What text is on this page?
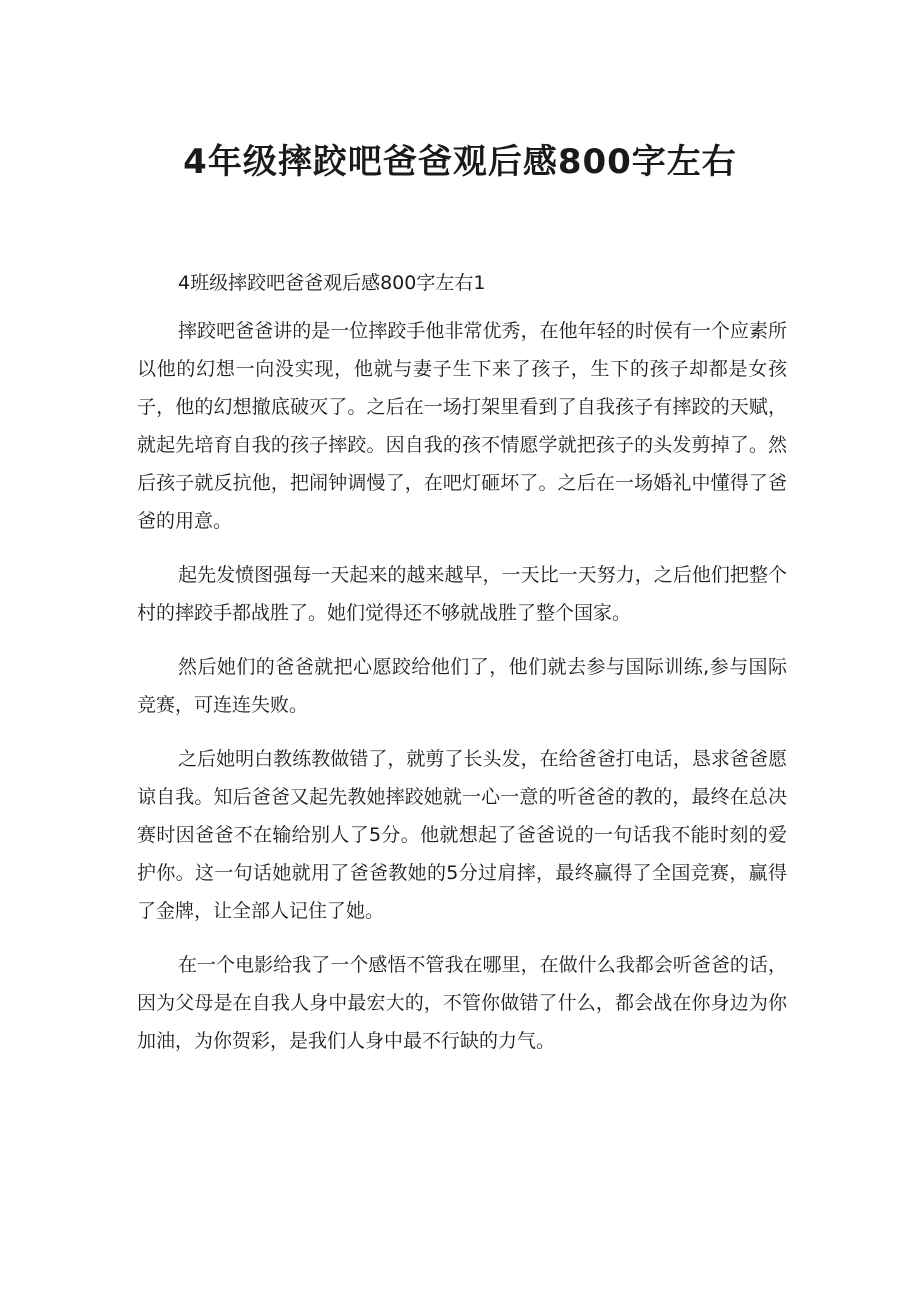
4年级摔跤吧爸爸观后感800字左右
4班级摔跤吧爸爸观后感800字左右1

摔跤吧爸爸讲的是一位摔跤手他非常优秀，在他年轻的时侯有一个应素所以他的幻想一向没实现，他就与妻子生下来了孩子，生下的孩子却都是女孩子，他的幻想撤底破灭了。之后在一场打架里看到了自我孩子有摔跤的天赋，就起先培育自我的孩子摔跤。因自我的孩不情愿学就把孩子的头发剪掉了。然后孩子就反抗他，把闹钟调慢了，在吧灯砸坏了。之后在一场婚礼中懂得了爸爸的用意。

起先发愤图强每一天起来的越来越早，一天比一天努力，之后他们把整个村的摔跤手都战胜了。她们觉得还不够就战胜了整个国家。

然后她们的爸爸就把心愿跤给他们了，他们就去参与国际训练,参与国际竞赛，可连连失败。

之后她明白教练教做错了，就剪了长头发，在给爸爸打电话，恳求爸爸愿谅自我。知后爸爸又起先教她摔跤她就一心一意的听爸爸的教的，最终在总决赛时因爸爸不在输给别人了5分。他就想起了爸爸说的一句话我不能时刻的爱护你。这一句话她就用了爸爸教她的5分过肩摔，最终赢得了全国竞赛，赢得了金牌，让全部人记住了她。

在一个电影给我了一个感悟不管我在哪里，在做什么我都会听爸爸的话，因为父母是在自我人身中最宏大的，不管你做错了什么，都会战在你身边为你加油，为你贺彩，是我们人身中最不行缺的力气。
